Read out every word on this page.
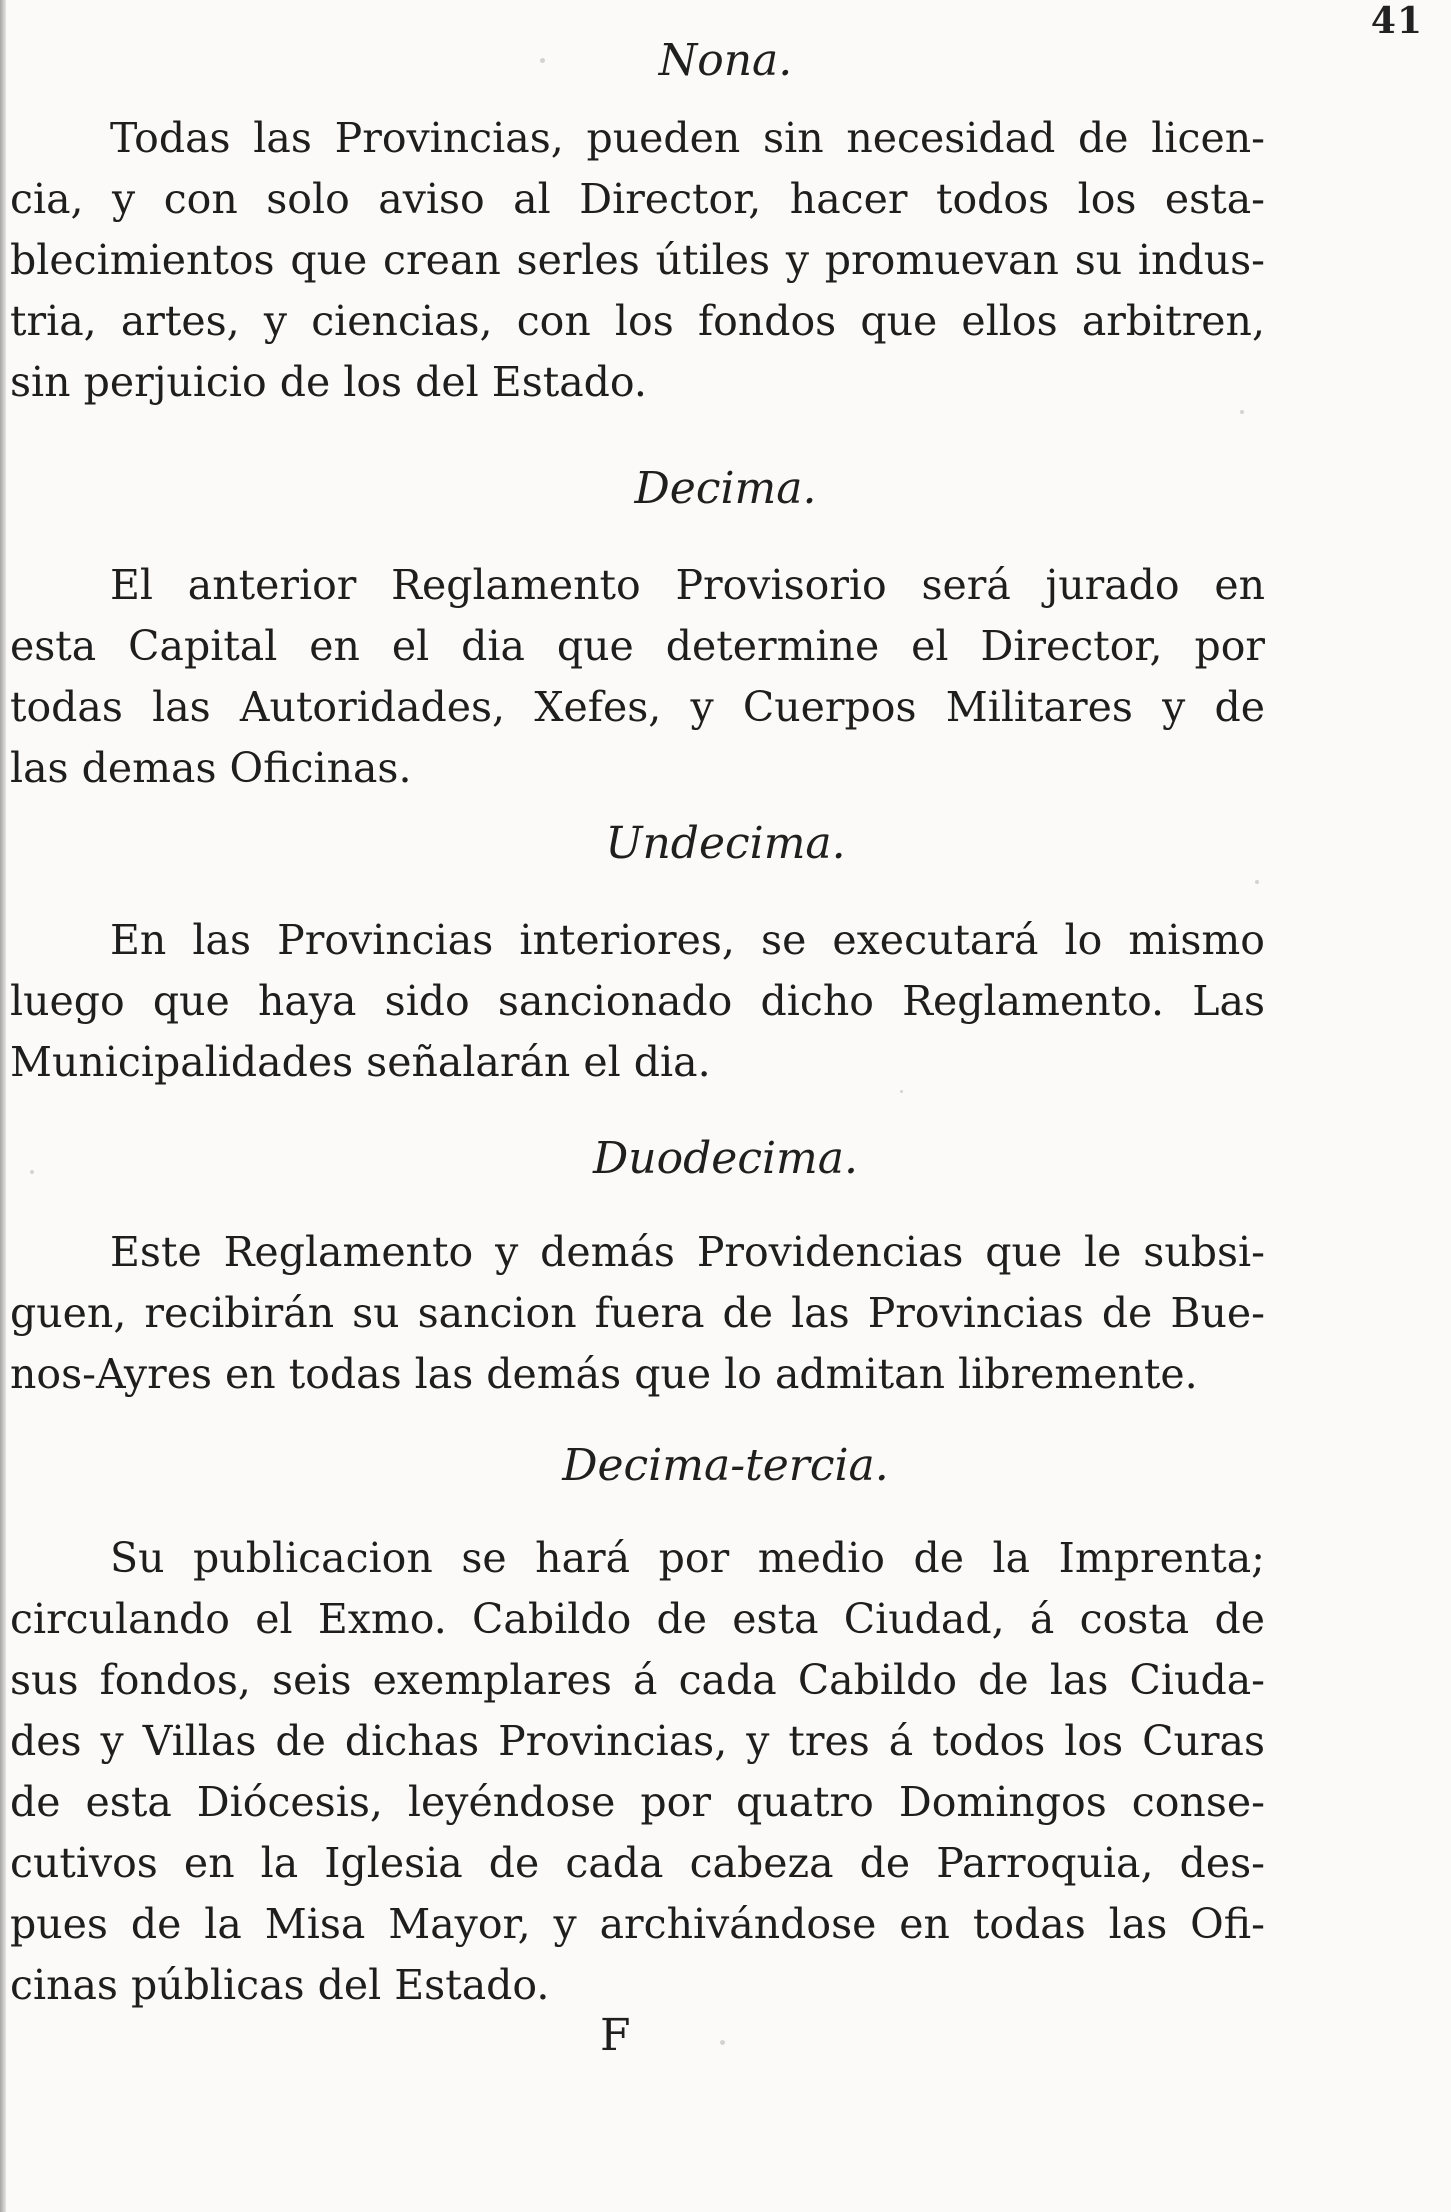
41
Nona.
Todas las Provincias, pueden sin necesidad de licen-
cia, y con solo aviso al Director, hacer todos los esta-
blecimientos que crean serles útiles y promuevan su indus-
tria, artes, y ciencias, con los fondos que ellos arbitren,
sin perjuicio de los del Estado.
Decima.
El anterior Reglamento Provisorio será jurado en
esta Capital en el dia que determine el Director, por
todas las Autoridades, Xefes, y Cuerpos Militares y de
las demas Oficinas.
Undecima.
En las Provincias interiores, se executará lo mismo
luego que haya sido sancionado dicho Reglamento. Las
Municipalidades señalarán el dia.
Duodecima.
Este Reglamento y demás Providencias que le subsi-
guen, recibirán su sancion fuera de las Provincias de Bue-
nos-Ayres en todas las demás que lo admitan libremente.
Decima-tercia.
Su publicacion se hará por medio de la Imprenta;
circulando el Exmo. Cabildo de esta Ciudad, á costa de
sus fondos, seis exemplares á cada Cabildo de las Ciuda-
des y Villas de dichas Provincias, y tres á todos los Curas
de esta Diócesis, leyéndose por quatro Domingos conse-
cutivos en la Iglesia de cada cabeza de Parroquia, des-
pues de la Misa Mayor, y archivándose en todas las Ofi-
cinas públicas del Estado.
F
